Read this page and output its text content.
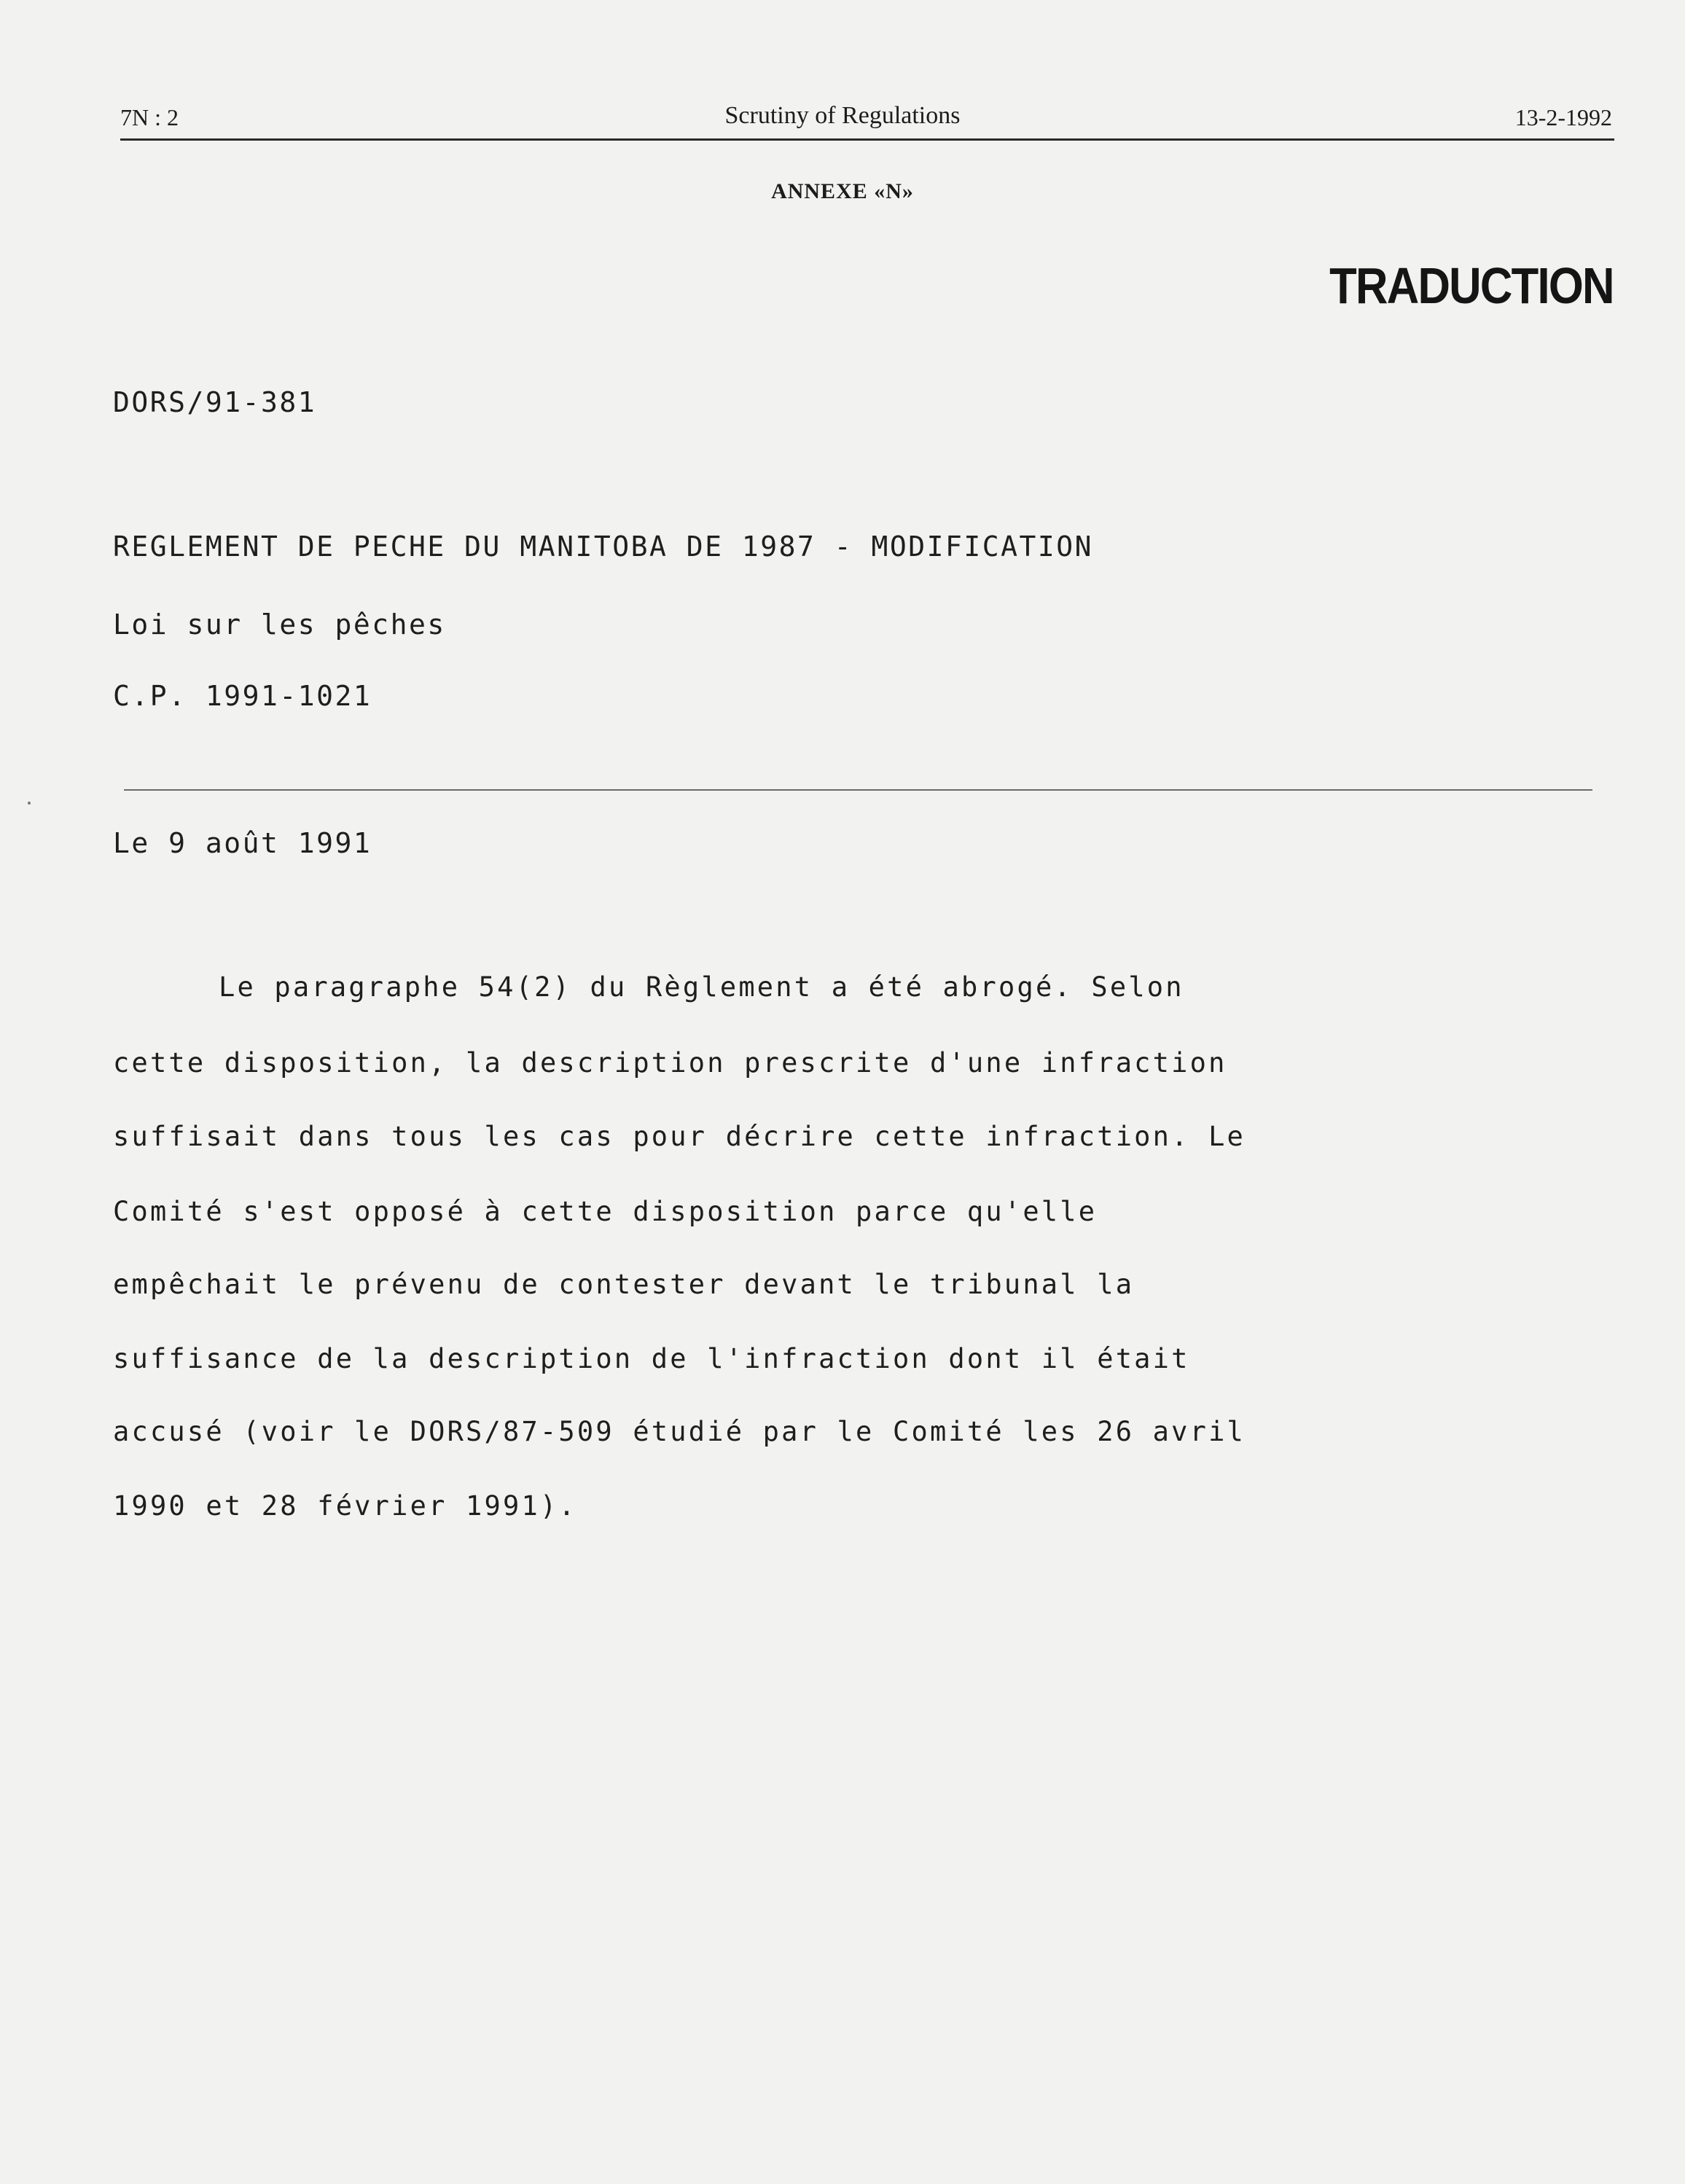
7N : 2	Scrutiny of Regulations	13-2-1992
ANNEXE «N»
TRADUCTION
DORS/91-381
REGLEMENT DE PECHE DU MANITOBA DE 1987 - MODIFICATION
Loi sur les pêches
C.P. 1991-1021
Le 9 août 1991
Le paragraphe 54(2) du Règlement a été abrogé. Selon
cette disposition, la description prescrite d'une infraction
suffisait dans tous les cas pour décrire cette infraction. Le
Comité s'est opposé à cette disposition parce qu'elle
empêchait le prévenu de contester devant le tribunal la
suffisance de la description de l'infraction dont il était
accusé (voir le DORS/87-509 étudié par le Comité les 26 avril
1990 et 28 février 1991).
